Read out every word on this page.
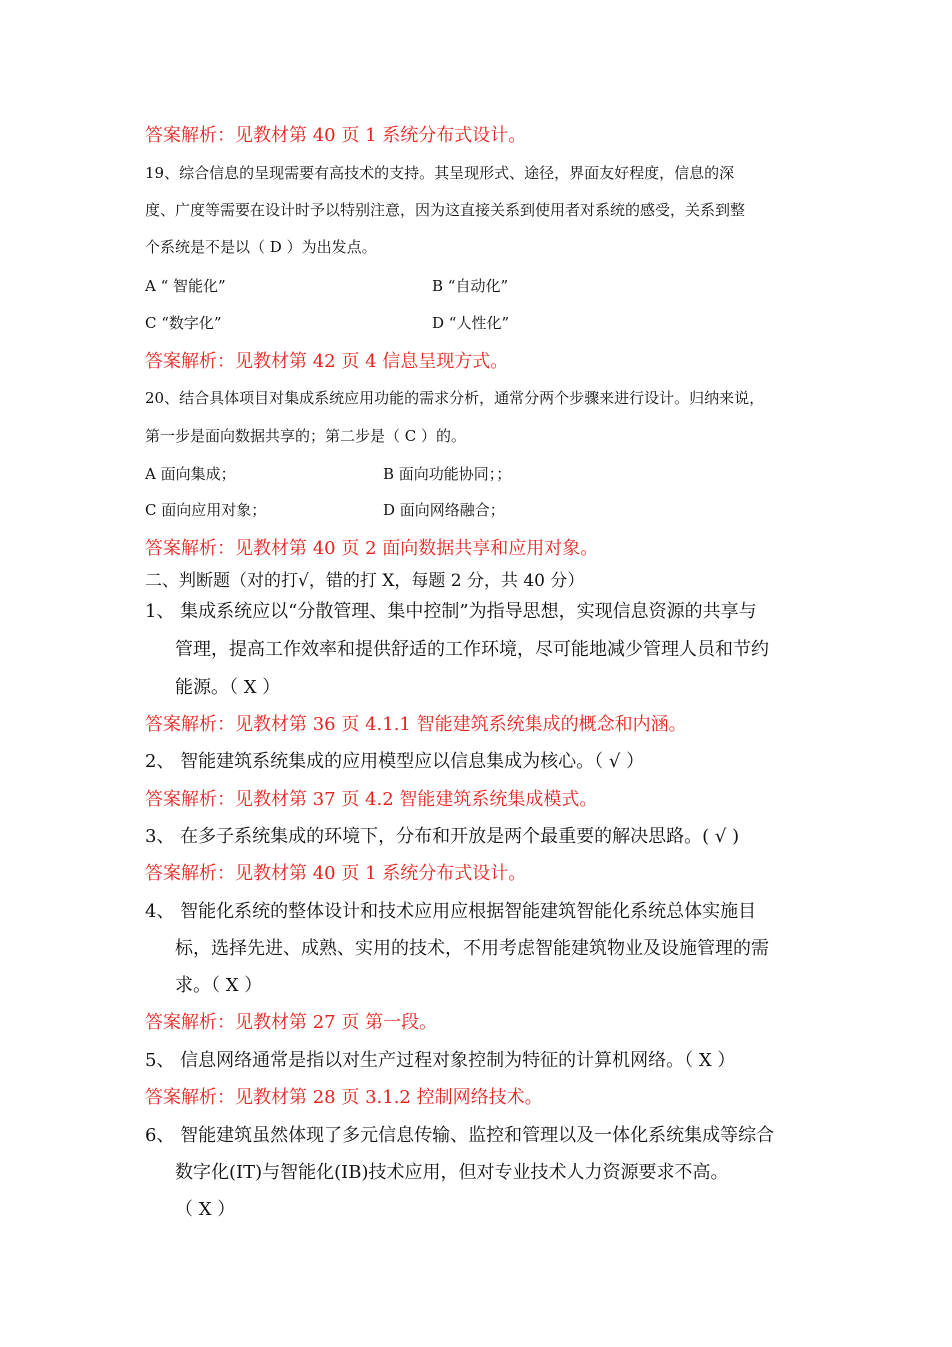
答案解析：见教材第 40 页 1 系统分布式设计。
19、综合信息的呈现需要有高技术的支持。其呈现形式、途径，界面友好程度，信息的深
度、广度等需要在设计时予以特别注意，因为这直接关系到使用者对系统的感受，关系到整
个系统是不是以（ D ）为出发点。
A “ 智能化”	B “自动化”
C “数字化”	D “人性化”
答案解析：见教材第 42 页 4 信息呈现方式。
20、结合具体项目对集成系统应用功能的需求分析，通常分两个步骤来进行设计。归纳来说，
第一步是面向数据共享的；第二步是（ C ）的。
A 面向集成；	B 面向功能协同；；
C 面向应用对象；	D 面向网络融合；
答案解析：见教材第 40 页 2 面向数据共享和应用对象。
二、判断题（对的打√，错的打 X，每题 2 分，共 40 分）
1、 集成系统应以“分散管理、集中控制”为指导思想，实现信息资源的共享与
管理，提高工作效率和提供舒适的工作环境，尽可能地减少管理人员和节约
能源。（ X ）
答案解析：见教材第 36 页 4.1.1 智能建筑系统集成的概念和内涵。
2、 智能建筑系统集成的应用模型应以信息集成为核心。（ √ ）
答案解析：见教材第 37 页 4.2 智能建筑系统集成模式。
3、 在多子系统集成的环境下，分布和开放是两个最重要的解决思路。( √ )
答案解析：见教材第 40 页 1 系统分布式设计。
4、 智能化系统的整体设计和技术应用应根据智能建筑智能化系统总体实施目
标，选择先进、成熟、实用的技术，不用考虑智能建筑物业及设施管理的需
求。（ X ）
答案解析：见教材第 27 页 第一段。
5、 信息网络通常是指以对生产过程对象控制为特征的计算机网络。（ X ）
答案解析：见教材第 28 页 3.1.2 控制网络技术。
6、 智能建筑虽然体现了多元信息传输、监控和管理以及一体化系统集成等综合
数字化(IT)与智能化(IB)技术应用，但对专业技术人力资源要求不高。
（ X ）
